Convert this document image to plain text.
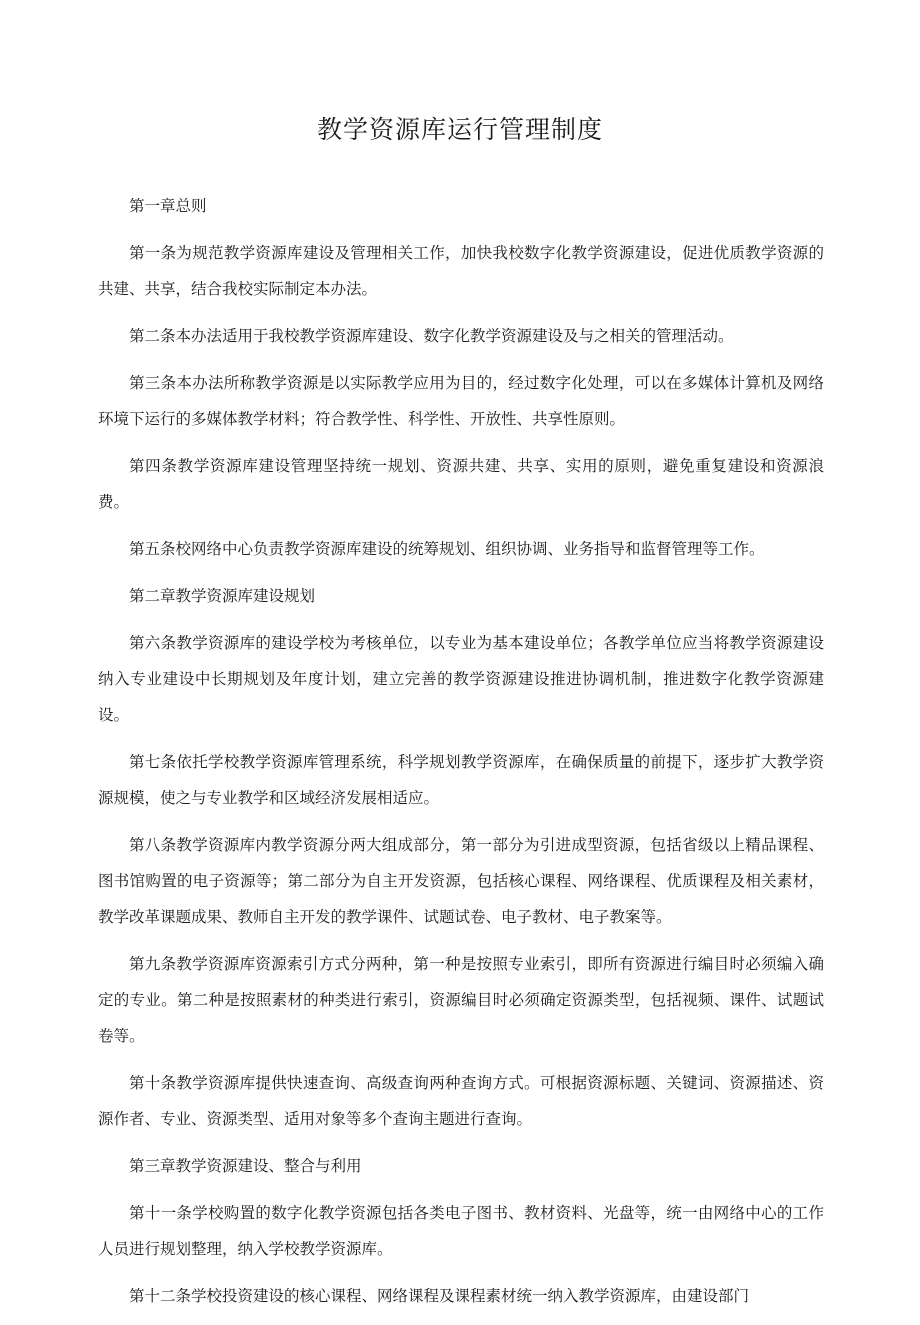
教学资源库运行管理制度

第一章总则

第一条为规范教学资源库建设及管理相关工作，加快我校数字化教学资源建设，促进优质教学资源的共建、共享，结合我校实际制定本办法。

第二条本办法适用于我校教学资源库建设、数字化教学资源建设及与之相关的管理活动。

第三条本办法所称教学资源是以实际教学应用为目的，经过数字化处理，可以在多媒体计算机及网络环境下运行的多媒体教学材料；符合教学性、科学性、开放性、共享性原则。

第四条教学资源库建设管理坚持统一规划、资源共建、共享、实用的原则，避免重复建设和资源浪费。

第五条校网络中心负责教学资源库建设的统筹规划、组织协调、业务指导和监督管理等工作。

第二章教学资源库建设规划

第六条教学资源库的建设学校为考核单位，以专业为基本建设单位；各教学单位应当将教学资源建设纳入专业建设中长期规划及年度计划，建立完善的教学资源建设推进协调机制，推进数字化教学资源建设。

第七条依托学校教学资源库管理系统，科学规划教学资源库，在确保质量的前提下，逐步扩大教学资源规模，使之与专业教学和区域经济发展相适应。

第八条教学资源库内教学资源分两大组成部分，第一部分为引进成型资源，包括省级以上精品课程、图书馆购置的电子资源等；第二部分为自主开发资源，包括核心课程、网络课程、优质课程及相关素材，教学改革课题成果、教师自主开发的教学课件、试题试卷、电子教材、电子教案等。

第九条教学资源库资源索引方式分两种，第一种是按照专业索引，即所有资源进行编目时必须编入确定的专业。第二种是按照素材的种类进行索引，资源编目时必须确定资源类型，包括视频、课件、试题试卷等。

第十条教学资源库提供快速查询、高级查询两种查询方式。可根据资源标题、关键词、资源描述、资源作者、专业、资源类型、适用对象等多个查询主题进行查询。

第三章教学资源建设、整合与利用

第十一条学校购置的数字化教学资源包括各类电子图书、教材资料、光盘等，统一由网络中心的工作人员进行规划整理，纳入学校教学资源库。

第十二条学校投资建设的核心课程、网络课程及课程素材统一纳入教学资源库，由建设部门
